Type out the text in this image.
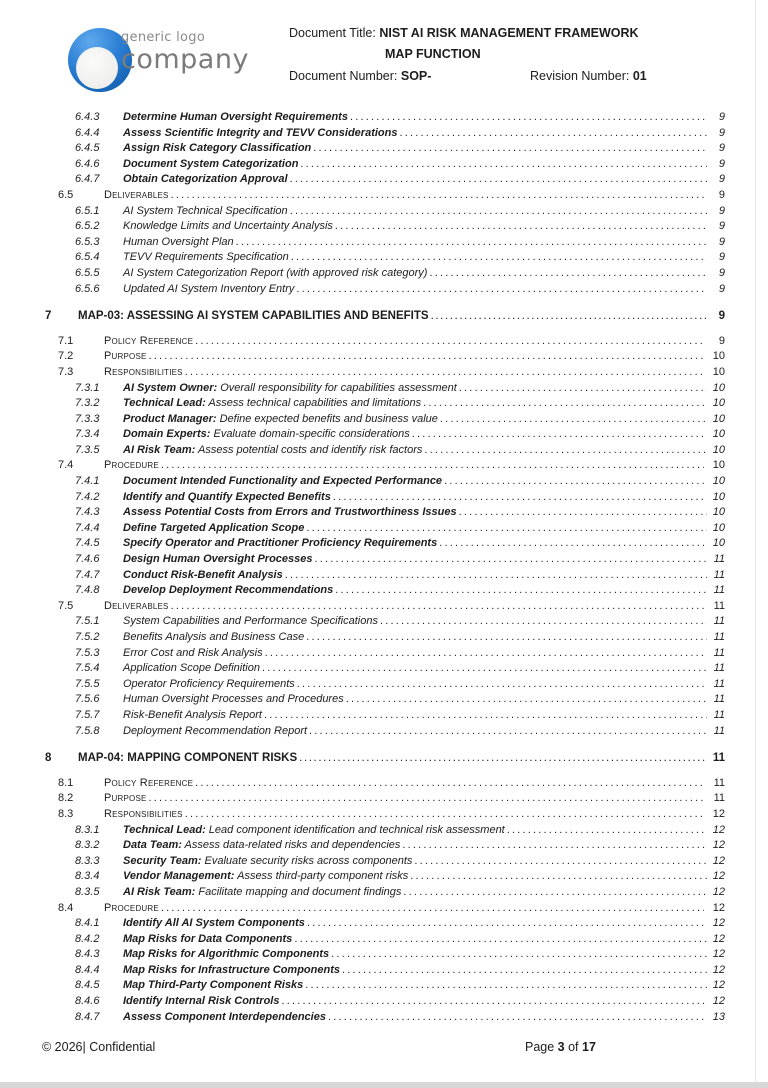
generic logo
company
Document Title: NIST AI RISK MANAGEMENT FRAMEWORK
MAP FUNCTION
Document Number: SOP-	Revision Number: 01
6.4.3	Determine Human Oversight Requirements .....	9
6.4.4	Assess Scientific Integrity and TEVV Considerations .....	9
6.4.5	Assign Risk Category Classification .....	9
6.4.6	Document System Categorization .....	9
6.4.7	Obtain Categorization Approval .....	9
6.5	Deliverables .....	9
6.5.1	AI System Technical Specification .....	9
6.5.2	Knowledge Limits and Uncertainty Analysis .....	9
6.5.3	Human Oversight Plan .....	9
6.5.4	TEVV Requirements Specification .....	9
6.5.5	AI System Categorization Report (with approved risk category) .....	9
6.5.6	Updated AI System Inventory Entry .....	9
7	MAP-03: ASSESSING AI SYSTEM CAPABILITIES AND BENEFITS .....	9
7.1	Policy Reference .....	9
7.2	Purpose .....	10
7.3	Responsibilities .....	10
7.3.1	AI System Owner: Overall responsibility for capabilities assessment .....	10
7.3.2	Technical Lead: Assess technical capabilities and limitations .....	10
7.3.3	Product Manager: Define expected benefits and business value .....	10
7.3.4	Domain Experts: Evaluate domain-specific considerations .....	10
7.3.5	AI Risk Team: Assess potential costs and identify risk factors .....	10
7.4	Procedure .....	10
7.4.1	Document Intended Functionality and Expected Performance .....	10
7.4.2	Identify and Quantify Expected Benefits .....	10
7.4.3	Assess Potential Costs from Errors and Trustworthiness Issues .....	10
7.4.4	Define Targeted Application Scope .....	10
7.4.5	Specify Operator and Practitioner Proficiency Requirements .....	10
7.4.6	Design Human Oversight Processes .....	11
7.4.7	Conduct Risk-Benefit Analysis .....	11
7.4.8	Develop Deployment Recommendations .....	11
7.5	Deliverables .....	11
7.5.1	System Capabilities and Performance Specifications .....	11
7.5.2	Benefits Analysis and Business Case .....	11
7.5.3	Error Cost and Risk Analysis .....	11
7.5.4	Application Scope Definition .....	11
7.5.5	Operator Proficiency Requirements .....	11
7.5.6	Human Oversight Processes and Procedures .....	11
7.5.7	Risk-Benefit Analysis Report .....	11
7.5.8	Deployment Recommendation Report .....	11
8	MAP-04: MAPPING COMPONENT RISKS .....	11
8.1	Policy Reference .....	11
8.2	Purpose .....	11
8.3	Responsibilities .....	12
8.3.1	Technical Lead: Lead component identification and technical risk assessment .....	12
8.3.2	Data Team: Assess data-related risks and dependencies .....	12
8.3.3	Security Team: Evaluate security risks across components .....	12
8.3.4	Vendor Management: Assess third-party component risks .....	12
8.3.5	AI Risk Team: Facilitate mapping and document findings .....	12
8.4	Procedure .....	12
8.4.1	Identify All AI System Components .....	12
8.4.2	Map Risks for Data Components .....	12
8.4.3	Map Risks for Algorithmic Components .....	12
8.4.4	Map Risks for Infrastructure Components .....	12
8.4.5	Map Third-Party Component Risks .....	12
8.4.6	Identify Internal Risk Controls .....	12
8.4.7	Assess Component Interdependencies .....	13
© 2026| Confidential	Page 3 of 17
